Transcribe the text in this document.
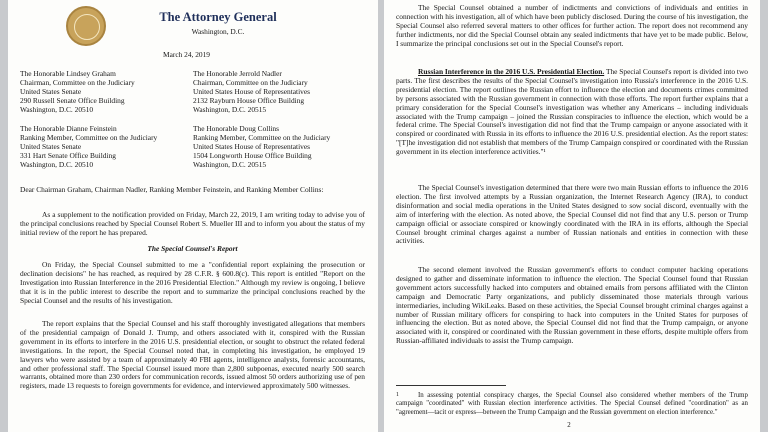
The Attorney General
Washington, D.C.
March 24, 2019
The Honorable Lindsey Graham
Chairman, Committee on the Judiciary
United States Senate
290 Russell Senate Office Building
Washington, D.C. 20510
The Honorable Jerrold Nadler
Chairman, Committee on the Judiciary
United States House of Representatives
2132 Rayburn House Office Building
Washington, D.C. 20515
The Honorable Dianne Feinstein
Ranking Member, Committee on the Judiciary
United States Senate
331 Hart Senate Office Building
Washington, D.C. 20510
The Honorable Doug Collins
Ranking Member, Committee on the Judiciary
United States House of Representatives
1504 Longworth House Office Building
Washington, D.C. 20515
Dear Chairman Graham, Chairman Nadler, Ranking Member Feinstein, and Ranking Member Collins:
As a supplement to the notification provided on Friday, March 22, 2019, I am writing today to advise you of the principal conclusions reached by Special Counsel Robert S. Mueller III and to inform you about the status of my initial review of the report he has prepared.
The Special Counsel's Report
On Friday, the Special Counsel submitted to me a "confidential report explaining the prosecution or declination decisions" he has reached, as required by 28 C.F.R. § 600.8(c). This report is entitled "Report on the Investigation into Russian Interference in the 2016 Presidential Election." Although my review is ongoing, I believe that it is in the public interest to describe the report and to summarize the principal conclusions reached by the Special Counsel and the results of his investigation.
The report explains that the Special Counsel and his staff thoroughly investigated allegations that members of the presidential campaign of Donald J. Trump, and others associated with it, conspired with the Russian government in its efforts to interfere in the 2016 U.S. presidential election, or sought to obstruct the related federal investigations. In the report, the Special Counsel noted that, in completing his investigation, he employed 19 lawyers who were assisted by a team of approximately 40 FBI agents, intelligence analysts, forensic accountants, and other professional staff. The Special Counsel issued more than 2,800 subpoenas, executed nearly 500 search warrants, obtained more than 230 orders for communication records, issued almost 50 orders authorizing use of pen registers, made 13 requests to foreign governments for evidence, and interviewed approximately 500 witnesses.
The Special Counsel obtained a number of indictments and convictions of individuals and entities in connection with his investigation, all of which have been publicly disclosed. During the course of his investigation, the Special Counsel also referred several matters to other offices for further action. The report does not recommend any further indictments, nor did the Special Counsel obtain any sealed indictments that have yet to be made public. Below, I summarize the principal conclusions set out in the Special Counsel's report.
Russian Interference in the 2016 U.S. Presidential Election. The Special Counsel's report is divided into two parts. The first describes the results of the Special Counsel's investigation into Russia's interference in the 2016 U.S. presidential election. The report outlines the Russian effort to influence the election and documents crimes committed by persons associated with the Russian government in connection with those efforts. The report further explains that a primary consideration for the Special Counsel's investigation was whether any Americans – including individuals associated with the Trump campaign – joined the Russian conspiracies to influence the election, which would be a federal crime. The Special Counsel's investigation did not find that the Trump campaign or anyone associated with it conspired or coordinated with Russia in its efforts to influence the 2016 U.S. presidential election. As the report states: "[T]he investigation did not establish that members of the Trump Campaign conspired or coordinated with the Russian government in its election interference activities."¹
The Special Counsel's investigation determined that there were two main Russian efforts to influence the 2016 election. The first involved attempts by a Russian organization, the Internet Research Agency (IRA), to conduct disinformation and social media operations in the United States designed to sow social discord, eventually with the aim of interfering with the election. As noted above, the Special Counsel did not find that any U.S. person or Trump campaign official or associate conspired or knowingly coordinated with the IRA in its efforts, although the Special Counsel brought criminal charges against a number of Russian nationals and entities in connection with these activities.
The second element involved the Russian government's efforts to conduct computer hacking operations designed to gather and disseminate information to influence the election. The Special Counsel found that Russian government actors successfully hacked into computers and obtained emails from persons affiliated with the Clinton campaign and Democratic Party organizations, and publicly disseminated those materials through various intermediaries, including WikiLeaks. Based on these activities, the Special Counsel brought criminal charges against a number of Russian military officers for conspiring to hack into computers in the United States for purposes of influencing the election. But as noted above, the Special Counsel did not find that the Trump campaign, or anyone associated with it, conspired or coordinated with the Russian government in these efforts, despite multiple offers from Russian-affiliated individuals to assist the Trump campaign.
1	In assessing potential conspiracy charges, the Special Counsel also considered whether members of the Trump campaign "coordinated" with Russian election interference activities. The Special Counsel defined "coordination" as an "agreement—tacit or express—between the Trump Campaign and the Russian government on election interference."
2
